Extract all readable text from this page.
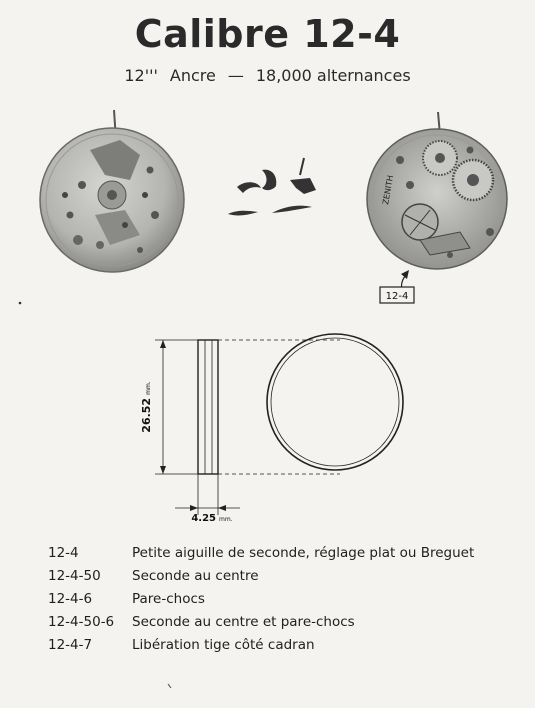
Calibre 12-4
12''' Ancre — 18,000 alternances
ZENITH
12-4
26.52mm.
4.25 mm.
12-4	Petite aiguille de seconde, réglage plat ou Breguet
12-4-50	Seconde au centre
12-4-6	Pare-chocs
12-4-50-6	Seconde au centre et pare-chocs
12-4-7	Libération tige côté cadran
